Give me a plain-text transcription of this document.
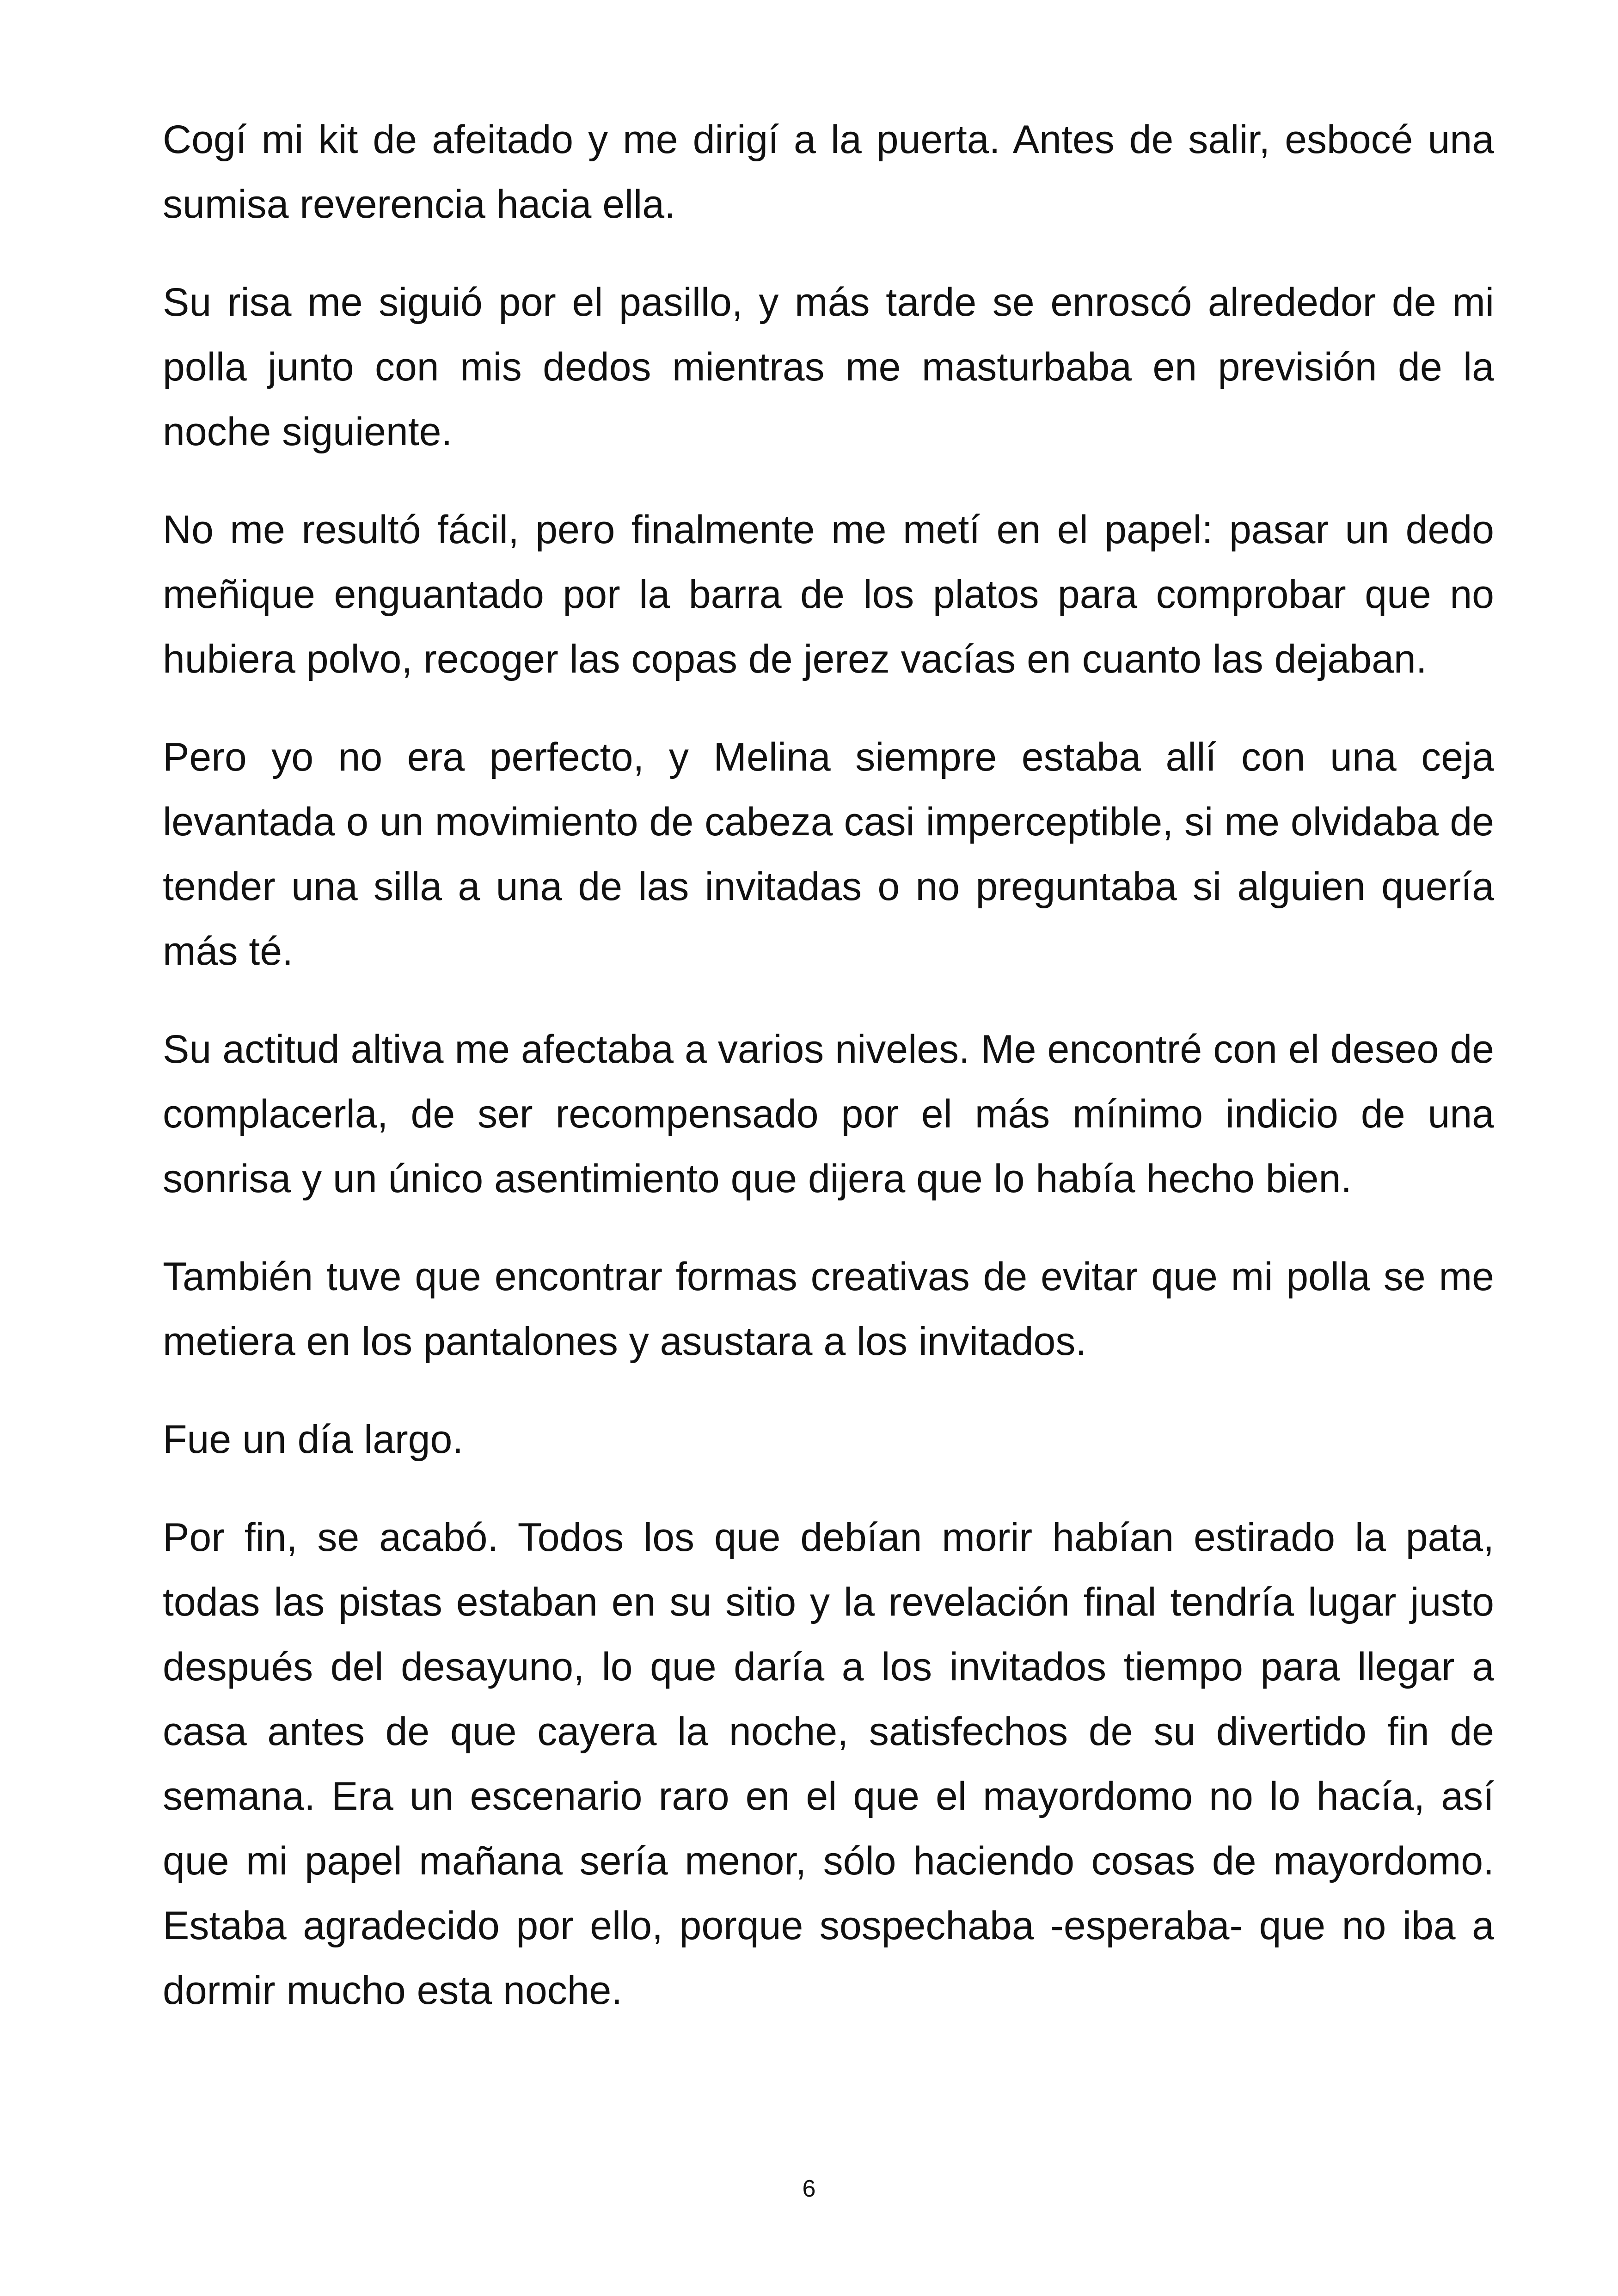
Cogí mi kit de afeitado y me dirigí a la puerta. Antes de salir, esbocé una sumisa reverencia hacia ella.

Su risa me siguió por el pasillo, y más tarde se enroscó alrededor de mi polla junto con mis dedos mientras me masturbaba en previsión de la noche siguiente.

No me resultó fácil, pero finalmente me metí en el papel: pasar un dedo meñique enguantado por la barra de los platos para comprobar que no hubiera polvo, recoger las copas de jerez vacías en cuanto las dejaban.

Pero yo no era perfecto, y Melina siempre estaba allí con una ceja levantada o un movimiento de cabeza casi imperceptible, si me olvidaba de tender una silla a una de las invitadas o no preguntaba si alguien quería más té.

Su actitud altiva me afectaba a varios niveles. Me encontré con el deseo de complacerla, de ser recompensado por el más mínimo indicio de una sonrisa y un único asentimiento que dijera que lo había hecho bien.

También tuve que encontrar formas creativas de evitar que mi polla se me metiera en los pantalones y asustara a los invitados.

Fue un día largo.

Por fin, se acabó. Todos los que debían morir habían estirado la pata, todas las pistas estaban en su sitio y la revelación final tendría lugar justo después del desayuno, lo que daría a los invitados tiempo para llegar a casa antes de que cayera la noche, satisfechos de su divertido fin de semana. Era un escenario raro en el que el mayordomo no lo hacía, así que mi papel mañana sería menor, sólo haciendo cosas de mayordomo. Estaba agradecido por ello, porque sospechaba -esperaba- que no iba a dormir mucho esta noche.

6
